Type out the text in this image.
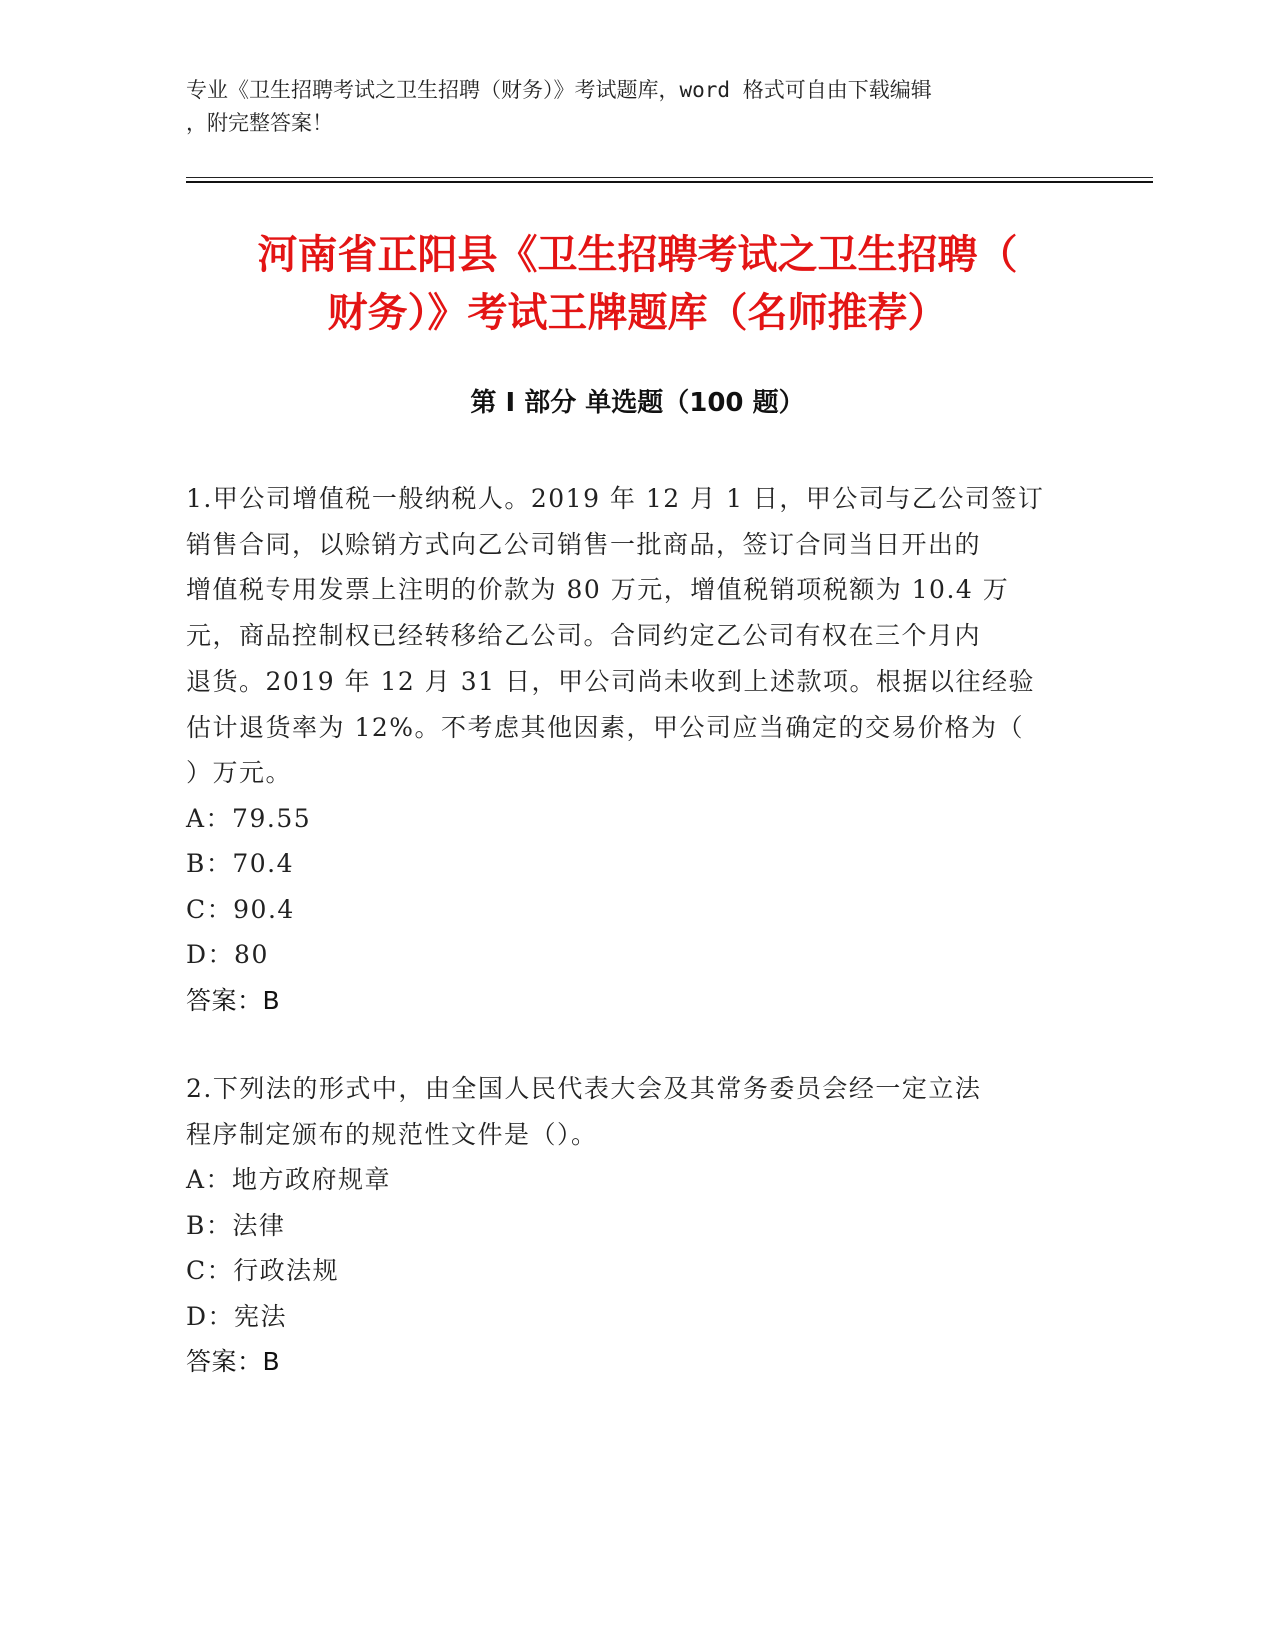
专业《卫生招聘考试之卫生招聘（财务）》考试题库，word 格式可自由下载编辑

，附完整答案！

河南省正阳县《卫生招聘考试之卫生招聘（
财务）》考试王牌题库（名师推荐）
第 I 部分 单选题（100 题）

1.甲公司增值税一般纳税人。2019 年 12 月 1 日，甲公司与乙公司签订

销售合同，以赊销方式向乙公司销售一批商品，签订合同当日开出的

增值税专用发票上注明的价款为 80 万元，增值税销项税额为 10.4 万

元，商品控制权已经转移给乙公司。合同约定乙公司有权在三个月内

退货。2019 年 12 月 31 日，甲公司尚未收到上述款项。根据以往经验

估计退货率为 12%。不考虑其他因素，甲公司应当确定的交易价格为（

）万元。

A：79.55

B：70.4

C：90.4

D：80

答案：B

2.下列法的形式中，由全国人民代表大会及其常务委员会经一定立法

程序制定颁布的规范性文件是（）。

A：地方政府规章

B：法律

C：行政法规

D：宪法

答案：B
